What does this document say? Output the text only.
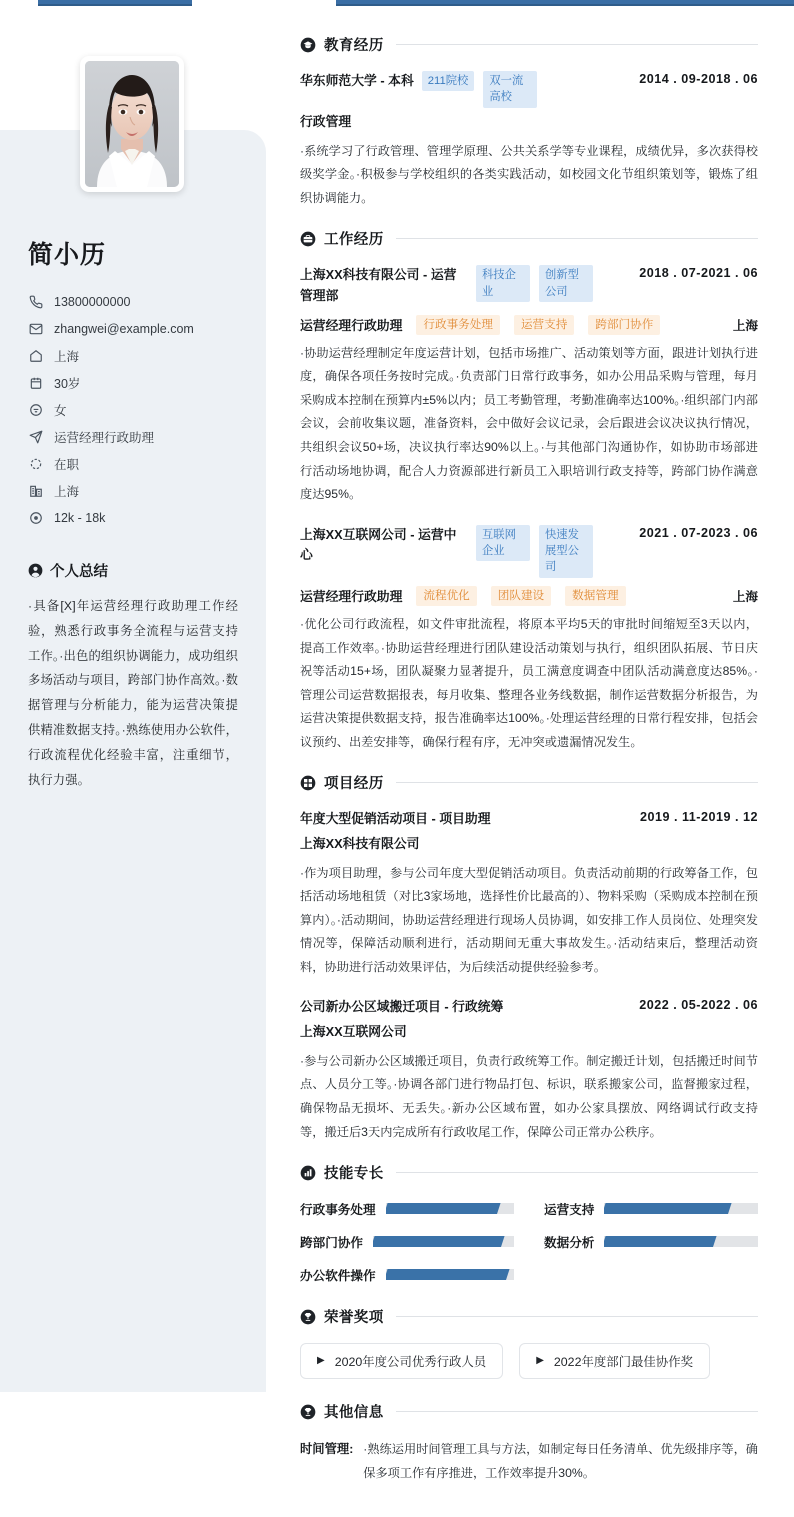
简小历
13800000000
zhangwei@example.com
上海
30岁
女
运营经理行政助理
在职
上海
12k - 18k
个人总结
·具备[X]年运营经理行政助理工作经验，熟悉行政事务全流程与运营支持工作。·出色的组织协调能力，成功组织多场活动与项目，跨部门协作高效。·数据管理与分析能力，能为运营决策提供精准数据支持。·熟练使用办公软件，行政流程优化经验丰富，注重细节，执行力强。
教育经历
华东师范大学 - 本科	211院校	双一流高校
2014 . 09-2018 . 06
行政管理
·系统学习了行政管理、管理学原理、公共关系学等专业课程，成绩优异，多次获得校级奖学金。·积极参与学校组织的各类实践活动，如校园文化节组织策划等，锻炼了组织协调能力。
工作经历
上海XX科技有限公司 - 运营管理部
科技企业
创新型公司
2018 . 07-2021 . 06
运营经理行政助理	行政事务处理	运营支持	跨部门协作	上海
·协助运营经理制定年度运营计划，包括市场推广、活动策划等方面，跟进计划执行进度，确保各项任务按时完成。·负责部门日常行政事务，如办公用品采购与管理，每月采购成本控制在预算内±5%以内；员工考勤管理，考勤准确率达100%。·组织部门内部会议，会前收集议题，准备资料，会中做好会议记录，会后跟进会议决议执行情况，共组织会议50+场，决议执行率达90%以上。·与其他部门沟通协作，如协助市场部进行活动场地协调，配合人力资源部进行新员工入职培训行政支持等，跨部门协作满意度达95%。
上海XX互联网公司 - 运营中心
互联网企业
快速发展型公司
2021 . 07-2023 . 06
运营经理行政助理	流程优化	团队建设	数据管理	上海
·优化公司行政流程，如文件审批流程，将原本平均5天的审批时间缩短至3天以内，提高工作效率。·协助运营经理进行团队建设活动策划与执行，组织团队拓展、节日庆祝等活动15+场，团队凝聚力显著提升，员工满意度调查中团队活动满意度达85%。·管理公司运营数据报表，每月收集、整理各业务线数据，制作运营数据分析报告，为运营决策提供数据支持，报告准确率达100%。·处理运营经理的日常行程安排，包括会议预约、出差安排等，确保行程有序，无冲突或遗漏情况发生。
项目经历
年度大型促销活动项目 - 项目助理	2019 . 11-2019 . 12
上海XX科技有限公司
·作为项目助理，参与公司年度大型促销活动项目。负责活动前期的行政筹备工作，包括活动场地租赁（对比3家场地，选择性价比最高的）、物料采购（采购成本控制在预算内）。·活动期间，协助运营经理进行现场人员协调，如安排工作人员岗位、处理突发情况等，保障活动顺利进行，活动期间无重大事故发生。·活动结束后，整理活动资料，协助进行活动效果评估，为后续活动提供经验参考。
公司新办公区域搬迁项目 - 行政统筹	2022 . 05-2022 . 06
上海XX互联网公司
·参与公司新办公区域搬迁项目，负责行政统筹工作。制定搬迁计划，包括搬迁时间节点、人员分工等。·协调各部门进行物品打包、标识，联系搬家公司，监督搬家过程，确保物品无损坏、无丢失。·新办公区域布置，如办公家具摆放、网络调试行政支持等，搬迁后3天内完成所有行政收尾工作，保障公司正常办公秩序。
技能专长
行政事务处理	运营支持
跨部门协作	数据分析
办公软件操作
荣誉奖项
▶ 2020年度公司优秀行政人员	▶ 2022年度部门最佳协作奖
其他信息
时间管理: ·熟练运用时间管理工具与方法，如制定每日任务清单、优先级排序等，确保多项工作有序推进，工作效率提升30%。
